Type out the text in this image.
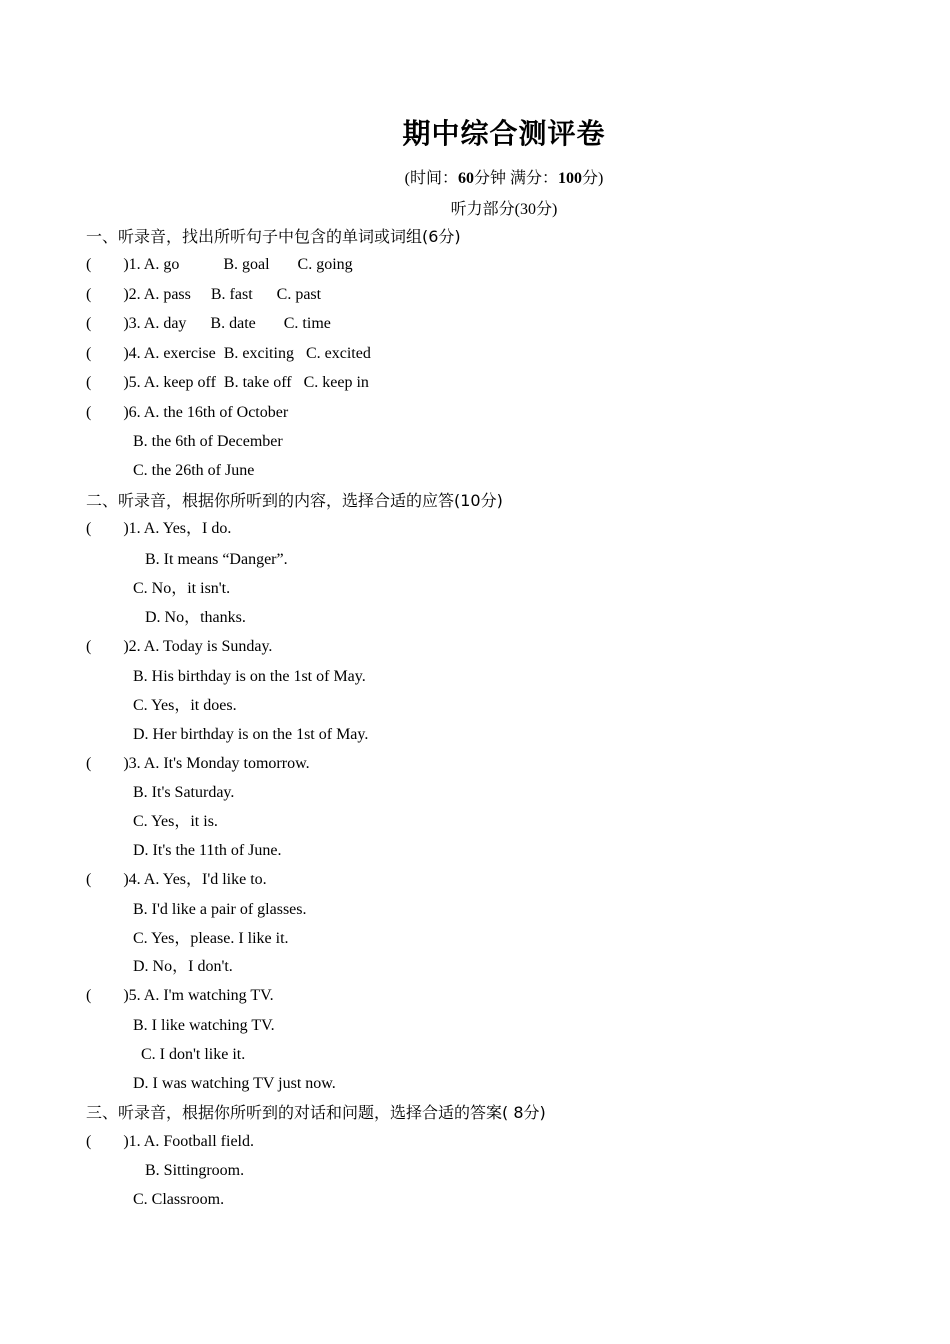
期中综合测评卷
(时间：60分钟 满分：100分)
听力部分(30分)
一、听录音，找出所听句子中包含的单词或词组(6分)
(        )1. A. go           B. goal       C. going
(        )2. A. pass     B. fast      C. past
(        )3. A. day      B. date       C. time
(        )4. A. exercise  B. exciting   C. excited
(        )5. A. keep off  B. take off   C. keep in
(        )6. A. the 16th of October
B. the 6th of December
C. the 26th of June
二、听录音，根据你所听到的内容，选择合适的应答(10分)
(        )1. A. Yes，I do.
B. It means “Danger”.
C. No，it isn't.
D. No，thanks.
(        )2. A. Today is Sunday.
B. His birthday is on the 1st of May.
C. Yes，it does.
D. Her birthday is on the 1st of May.
(        )3. A. It's Monday tomorrow.
B. It's Saturday.
C. Yes，it is.
D. It's the 11th of June.
(        )4. A. Yes，I'd like to.
B. I'd like a pair of glasses.
C. Yes，please. I like it.
D. No，I don't.
(        )5. A. I'm watching TV.
B. I like watching TV.
C. I don't like it.
D. I was watching TV just now.
三、听录音，根据你所听到的对话和问题，选择合适的答案( 8分)
(        )1. A. Football field.
B. Sittingroom.
C. Classroom.
